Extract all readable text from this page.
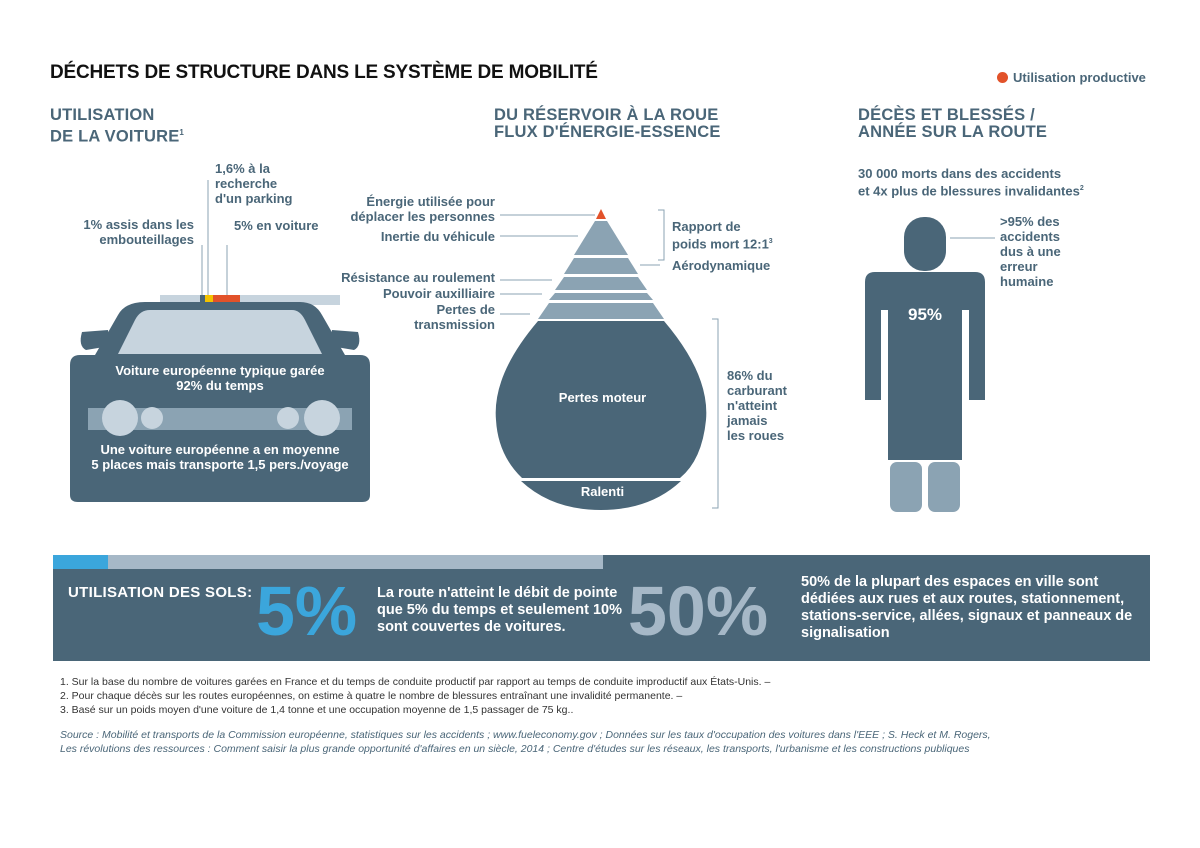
DÉCHETS DE STRUCTURE DANS LE SYSTÈME DE MOBILITÉ	Utilisation productive
UTILISATION
DE LA VOITURE$^1$
1,6% à la
recherche
d'un parking
1% assis dans les
embouteillages
5% en voiture
Voiture européenne typique garée
92% du temps
Une voiture européenne a en moyenne
5 places mais transporte 1,5 pers./voyage
DU RÉSERVOIR À LA ROUE
FLUX D'ÉNERGIE-ESSENCE
Énergie utilisée pour
déplacer les personnes
Inertie du véhicule
Résistance au roulement
Pouvoir auxilliaire
Pertes de
transmission
Pertes moteur
Ralenti
Rapport de
poids mort $12:1^3$
Aérodynamique
86% du
carburant
n'atteint
jamais
les roues
DÉCÈS ET BLESSÉS /
ANNÉE SUR LA ROUTE
30 000 morts dans des accidents
et 4x plus de blessures invalidantes$^2$
95%
>95% des
accidents
dus à une
erreur
humaine
UTILISATION DES SOLS: 5% La route n'atteint le débit de pointe que 5% du temps et seulement 10% sont couvertes de voitures. 50% 50% de la plupart des espaces en ville sont dédiées aux rues et aux routes, stationnement, stations-service, allées, signaux et panneaux de signalisation
1. Sur la base du nombre de voitures garées en France et du temps de conduite productif par rapport au temps de conduite improductif aux États-Unis. –
2. Pour chaque décès sur les routes européennes, on estime à quatre le nombre de blessures entraînant une invalidité permanente. –
3. Basé sur un poids moyen d'une voiture de 1,4 tonne et une occupation moyenne de 1,5 passager de 75 kg..
Source : Mobilité et transports de la Commission européenne, statistiques sur les accidents ; www.fueleconomy.gov ; Données sur les taux d'occupation des voitures dans l'EEE ; S. Heck et M. Rogers,
Les révolutions des ressources : Comment saisir la plus grande opportunité d'affaires en un siècle, 2014 ; Centre d'études sur les réseaux, les transports, l'urbanisme et les constructions publiques
